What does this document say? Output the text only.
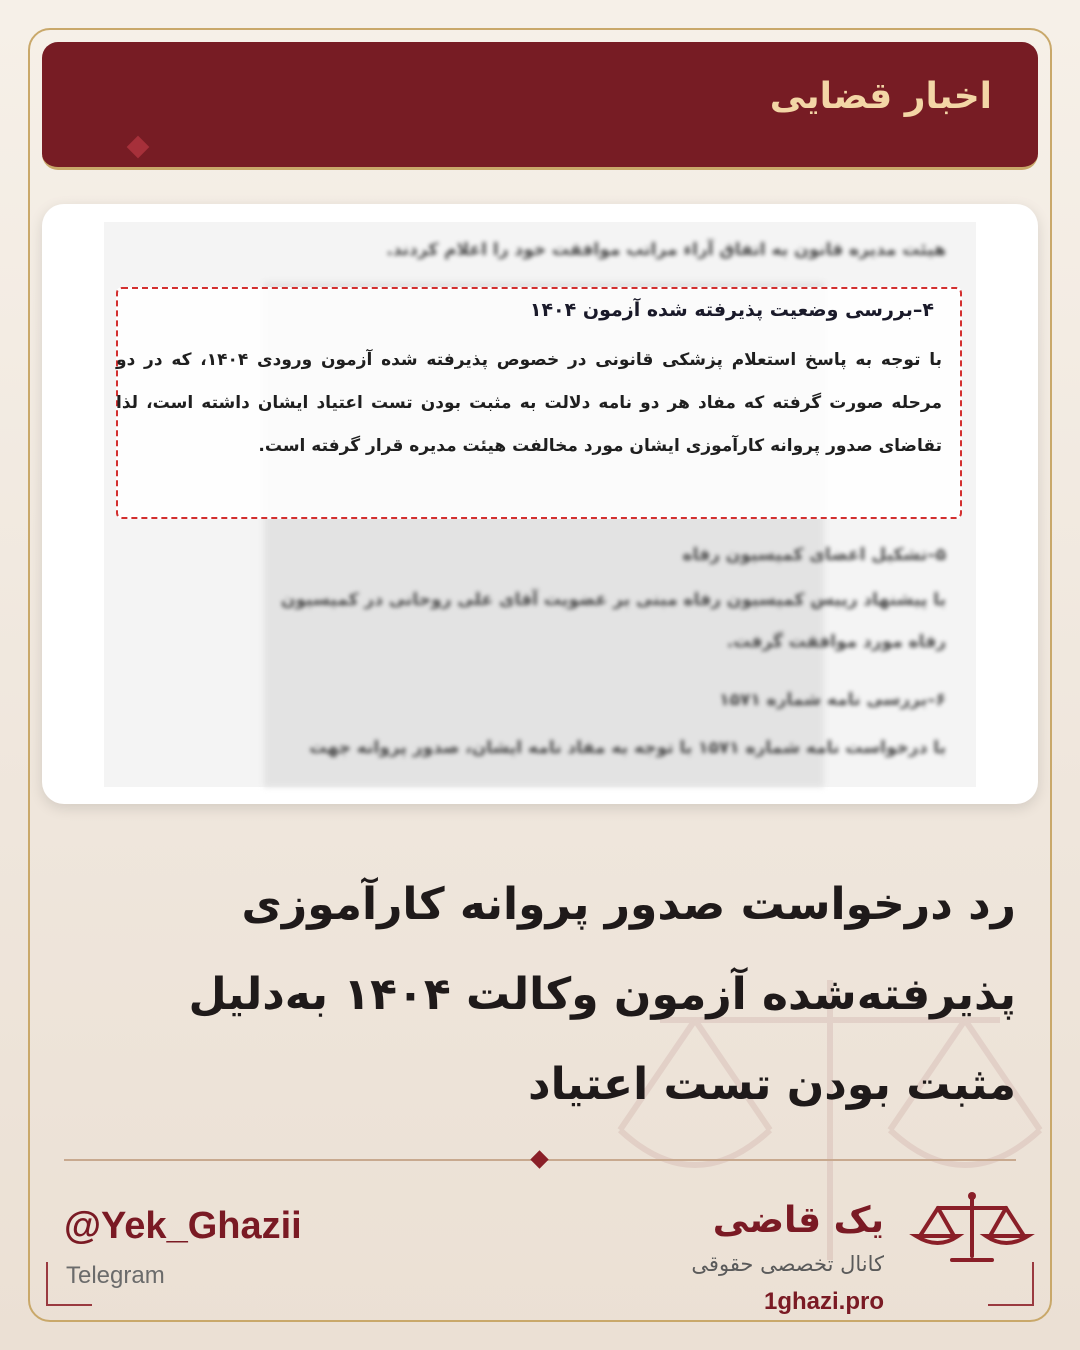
اخبار قضایی
هیئت مدیره قانون به اتفاق آراء مراتب موافقت خود را اعلام کردند.
۵–تشکیل اعضای کمیسیون رفاه
با پیشنهاد رییس کمیسیون رفاه مبنی بر عضویت آقای علی روحانی در کمیسیون
رفاه مورد موافقت گرفت.
۶–بررسی نامه شماره ۱۵۷۱
با درخواست نامه شماره ۱۵۷۱ با توجه به مفاد نامه ایشان، صدور پروانه جهت
۴–بررسی وضعیت پذیرفته شده آزمون ۱۴۰۴
با توجه به پاسخ استعلام پزشکی قانونی در خصوص پذیرفته شده آزمون ورودی ۱۴۰۴، که در دو مرحله صورت گرفته که مفاد هر دو نامه دلالت به مثبت بودن تست اعتیاد ایشان داشته است، لذا تقاضای صدور پروانه کارآموزی ایشان مورد مخالفت هیئت مدیره قرار گرفته است.
رد درخواست صدور پروانه کارآموزی
پذیرفته‌شده آزمون وکالت ۱۴۰۴ به‌دلیل
مثبت بودن تست اعتیاد
@Yek_Ghazii
Telegram
یک قاضی
کانال تخصصی حقوقی
1ghazi.pro
